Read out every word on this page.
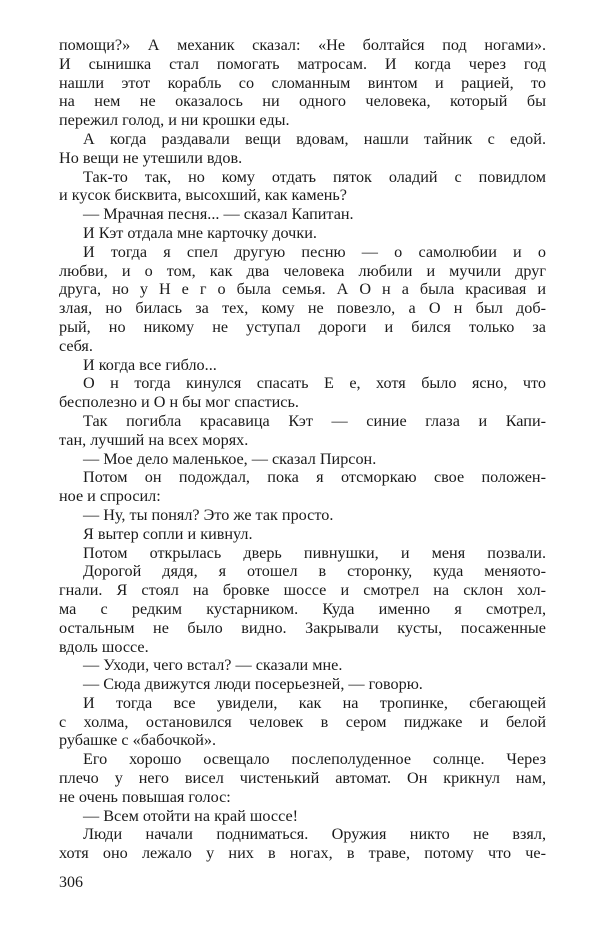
помощи?» А механик сказал: «Не болтайся под ногами».
И сынишка стал помогать матросам. И когда через год
нашли этот корабль со сломанным винтом и рацией, то
на нем не оказалось ни одного человека, который бы
пережил голод, и ни крошки еды.
А когда раздавали вещи вдовам, нашли тайник с едой.
Но вещи не утешили вдов.
Так-то так, но кому отдать пяток оладий с повидлом
и кусок бисквита, высохший, как камень?
— Мрачная песня... — сказал Капитан.
И Кэт отдала мне карточку дочки.
И тогда я спел другую песню — о самолюбии и о
любви, и о том, как два человека любили и мучили друг
друга, но у Н е г о была семья. А О н а была красивая и
злая, но билась за тех, кому не повезло, а О н был доб-
рый, но никому не уступал дороги и бился только за
себя.
И когда все гибло...
О н тогда кинулся спасать Е е, хотя было ясно, что
бесполезно и О н бы мог спастись.
Так погибла красавица Кэт — синие глаза и Капи-
тан, лучший на всех морях.
— Мое дело маленькое, — сказал Пирсон.
Потом он подождал, пока я отсморкаю свое положен-
ное и спросил:
— Ну, ты понял? Это же так просто.
Я вытер сопли и кивнул.
Потом открылась дверь пивнушки, и меня позвали.
Дорогой дядя, я отошел в сторонку, куда меняото-
гнали. Я стоял на бровке шоссе и смотрел на склон хол-
ма с редким кустарником. Куда именно я смотрел,
остальным не было видно. Закрывали кусты, посаженные
вдоль шоссе.
— Уходи, чего встал? — сказали мне.
— Сюда движутся люди посерьезней, — говорю.
И тогда все увидели, как на тропинке, сбегающей
с холма, остановился человек в сером пиджаке и белой
рубашке с «бабочкой».
Его хорошо освещало послеполуденное солнце. Через
плечо у него висел чистенький автомат. Он крикнул нам,
не очень повышая голос:
— Всем отойти на край шоссе!
Люди начали подниматься. Оружия никто не взял,
хотя оно лежало у них в ногах, в траве, потому что че-
306
